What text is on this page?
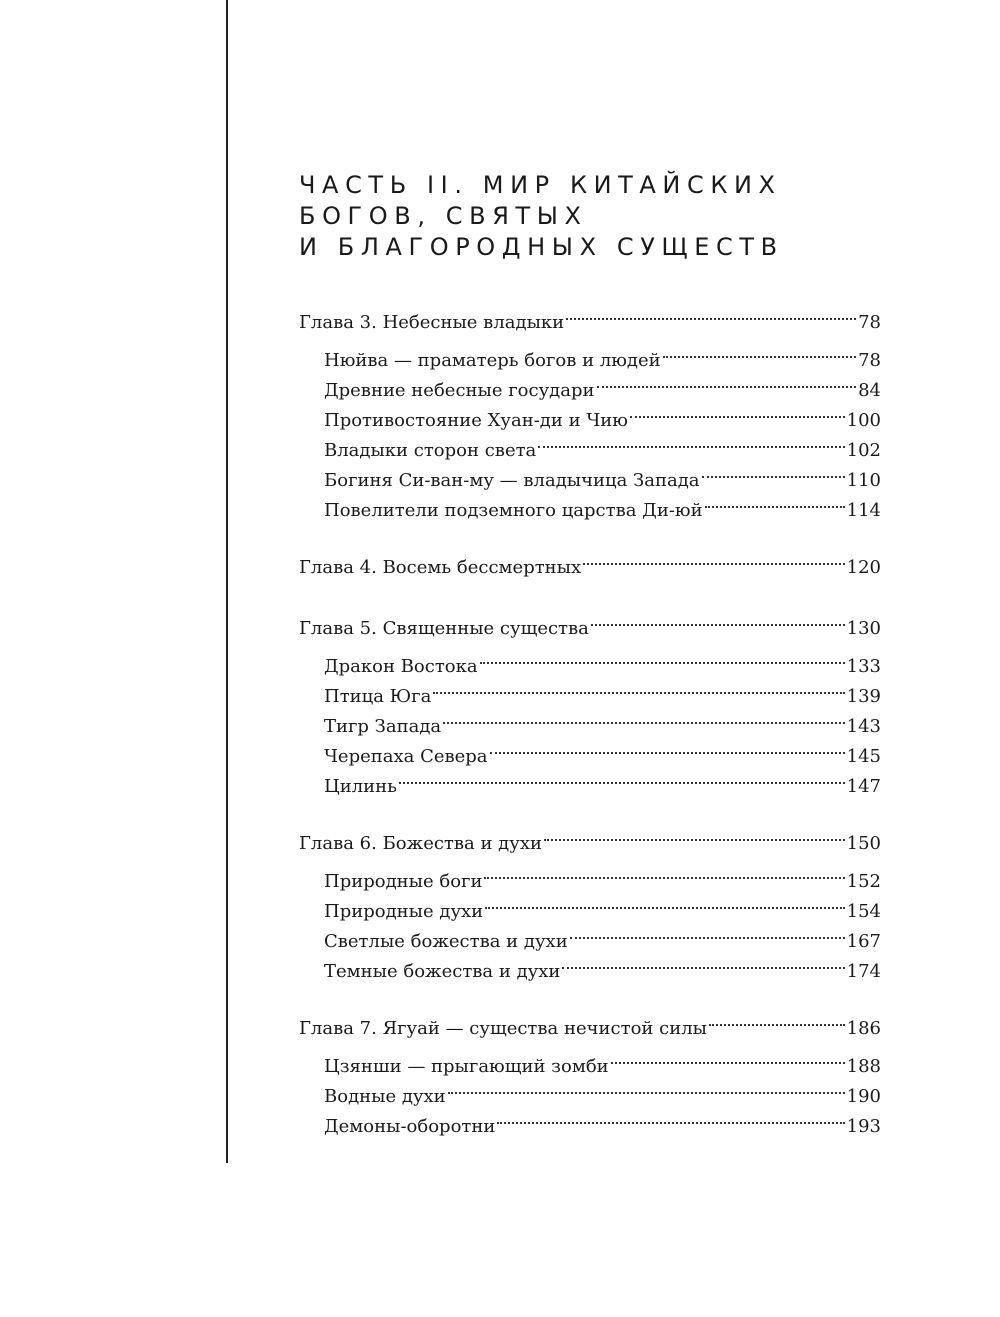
ЧАСТЬ II. МИР КИТАЙСКИХ
БОГОВ, СВЯТЫХ
И БЛАГОРОДНЫХ СУЩЕСТВ
Глава 3. Небесные владыки	78
Нюйва — праматерь богов и людей	78
Древние небесные государи	84
Противостояние Хуан-ди и Чию	100
Владыки сторон света	102
Богиня Си-ван-му — владычица Запада	110
Повелители подземного царства Ди-юй	114
Глава 4. Восемь бессмертных	120
Глава 5. Священные существа	130
Дракон Востока	133
Птица Юга	139
Тигр Запада	143
Черепаха Севера	145
Цилинь	147
Глава 6. Божества и духи	150
Природные боги	152
Природные духи	154
Светлые божества и духи	167
Темные божества и духи	174
Глава 7. Ягуай — существа нечистой силы	186
Цзянши — прыгающий зомби	188
Водные духи	190
Демоны-оборотни	193
